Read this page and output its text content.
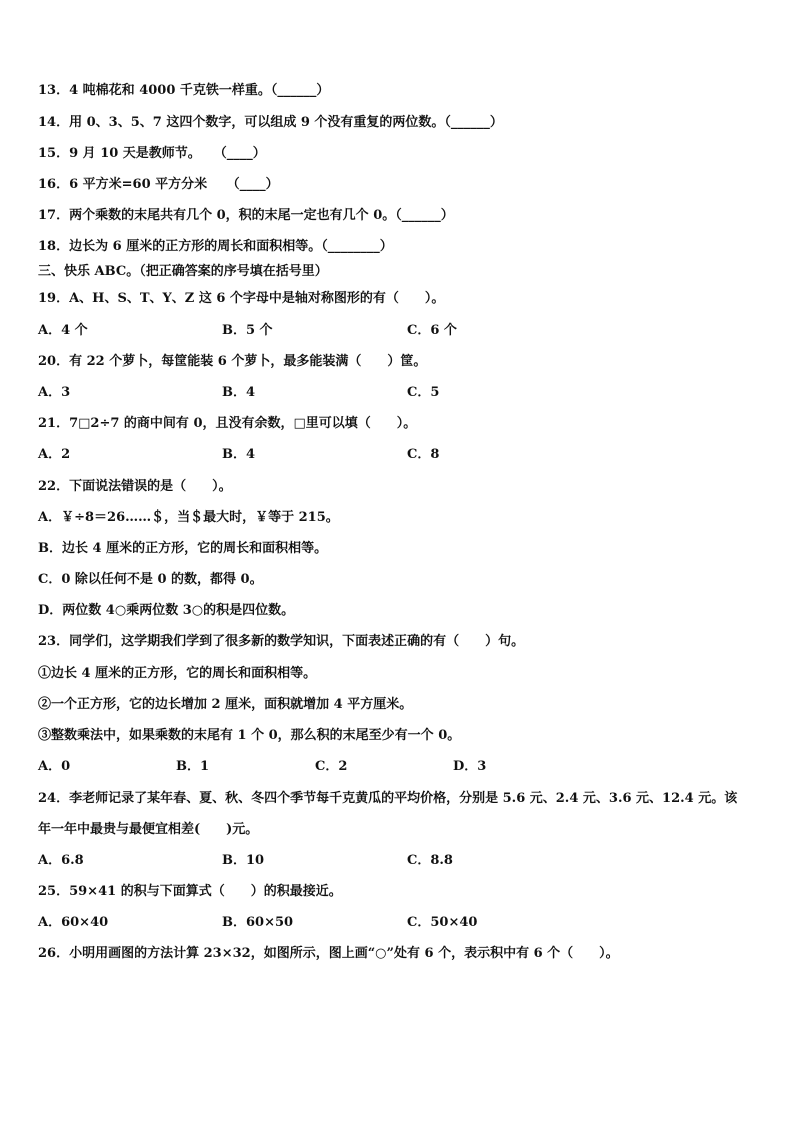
13．4 吨棉花和 4000 千克铁一样重。（______）
14．用 0、3、5、7 这四个数字，可以组成 9 个没有重复的两位数。（______）
15．9 月 10 天是教师节。　　（____）
16．6 平方米=60 平方分米　　（____）
17．两个乘数的末尾共有几个 0，积的末尾一定也有几个 0。（______）
18．边长为 6 厘米的正方形的周长和面积相等。（________）
三、快乐 ABC。（把正确答案的序号填在括号里）
19．A、H、S、T、Y、Z 这 6 个字母中是轴对称图形的有（　　）。
A．4 个	B．5 个	C．6 个
20．有 22 个萝卜，每筐能装 6 个萝卜，最多能装满（　　）筐。
A．3	B．4	C．5
21．7□2÷7 的商中间有 0，且没有余数，□里可以填（　　）。
A．2	B．4	C．8
22．下面说法错误的是（　　）。
A．￥÷8＝26……＄，当＄最大时，￥等于 215。
B．边长 4 厘米的正方形，它的周长和面积相等。
C．0 除以任何不是 0 的数，都得 0。
D．两位数 4○乘两位数 3○的积是四位数。
23．同学们，这学期我们学到了很多新的数学知识，下面表述正确的有（　　）句。
①边长 4 厘米的正方形，它的周长和面积相等。
②一个正方形，它的边长增加 2 厘米，面积就增加 4 平方厘米。
③整数乘法中，如果乘数的末尾有 1 个 0，那么积的末尾至少有一个 0。
A．0	B．1	C．2	D．3
24．李老师记录了某年春、夏、秋、冬四个季节每千克黄瓜的平均价格，分别是 5.6 元、2.4 元、3.6 元、12.4 元。该
年一年中最贵与最便宜相差(　　)元。
A．6.8	B．10	C．8.8
25．59×41 的积与下面算式（　　）的积最接近。
A．60×40	B．60×50	C．50×40
26．小明用画图的方法计算 23×32，如图所示，图上画“○”处有 6 个，表示积中有 6 个（　　）。
